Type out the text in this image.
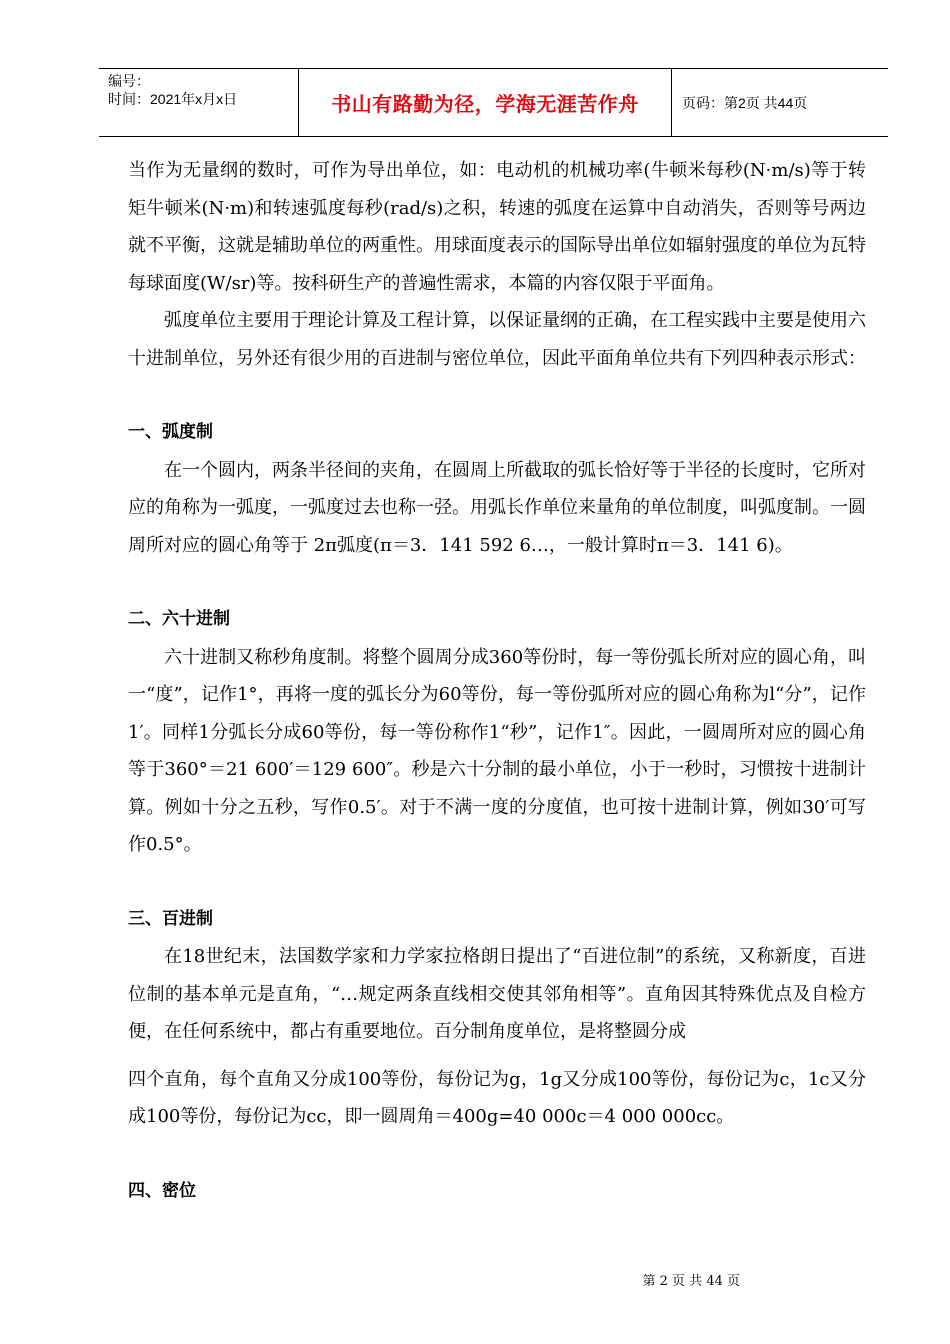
编号：
时间：2021年x月x日	书山有路勤为径，学海无涯苦作舟	页码：第2页 共44页

当作为无量纲的数时，可作为导出单位，如：电动机的机械功率(牛顿米每秒(N·m/s)等于转矩牛顿米(N·m)和转速弧度每秒(rad/s)之积，转速的弧度在运算中自动消失，否则等号两边就不平衡，这就是辅助单位的两重性。用球面度表示的国际导出单位如辐射强度的单位为瓦特每球面度(W/sr)等。按科研生产的普遍性需求，本篇的内容仅限于平面角。

弧度单位主要用于理论计算及工程计算，以保证量纲的正确，在工程实践中主要是使用六十进制单位，另外还有很少用的百进制与密位单位，因此平面角单位共有下列四种表示形式：

一、弧度制

在一个圆内，两条半径间的夹角，在圆周上所截取的弧长恰好等于半径的长度时，它所对应的角称为一弧度，一弧度过去也称一弪。用弧长作单位来量角的单位制度，叫弧度制。一圆周所对应的圆心角等于 2π弧度(π＝3．141 592 6…，一般计算时π＝3．141 6)。

二、六十进制

六十进制又称秒角度制。将整个圆周分成360等份时，每一等份弧长所对应的圆心角，叫一“度”，记作1°，再将一度的弧长分为60等份，每一等份弧所对应的圆心角称为l“分”，记作1′。同样1分弧长分成60等份，每一等份称作1“秒”，记作1″。因此，一圆周所对应的圆心角等于360°＝21 600′＝129 600″。秒是六十分制的最小单位，小于一秒时，习惯按十进制计算。例如十分之五秒，写作0.5′。对于不满一度的分度值，也可按十进制计算，例如30′可写作0.5°。

三、百进制

在18世纪末，法国数学家和力学家拉格朗日提出了“百进位制”的系统，又称新度，百进位制的基本单元是直角，“…规定两条直线相交使其邻角相等”。直角因其特殊优点及自检方便，在任何系统中，都占有重要地位。百分制角度单位，是将整圆分成

四个直角，每个直角又分成100等份，每份记为g，1g又分成100等份，每份记为c，1c又分成100等份，每份记为cc，即一圆周角＝400g=40 000c＝4 000 000cc。

四、密位
第 2 页 共 44 页
